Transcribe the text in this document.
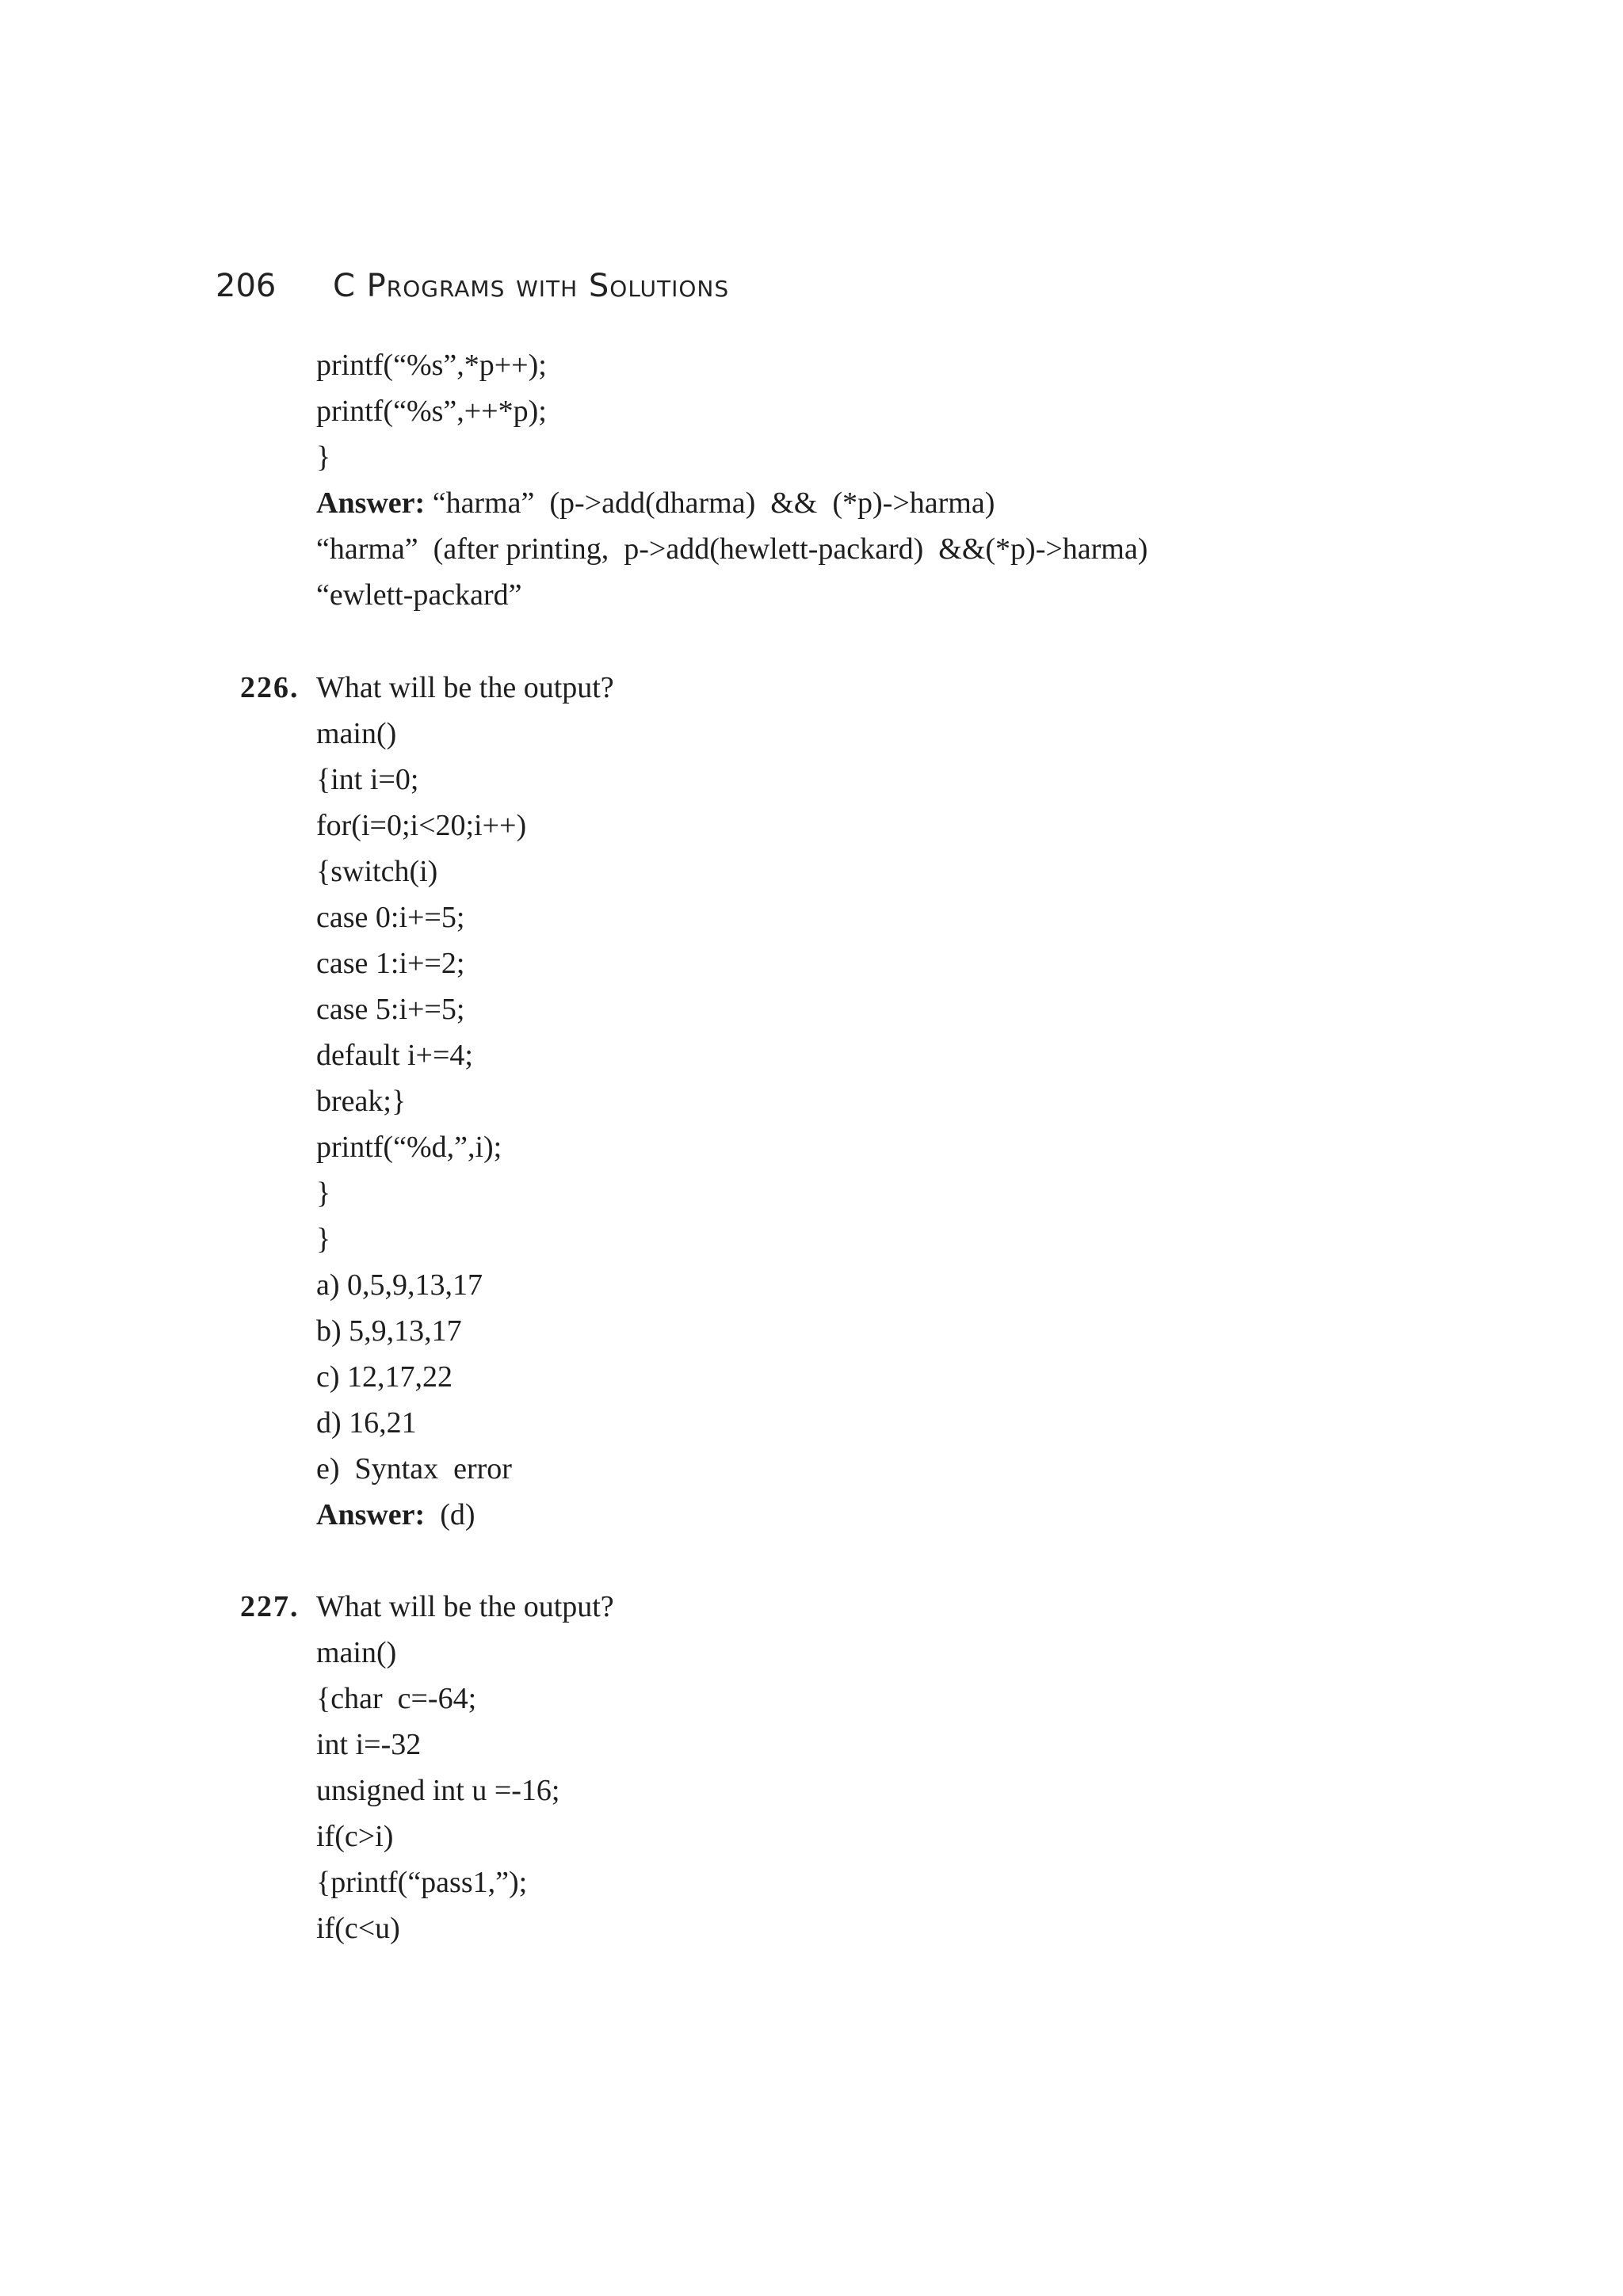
206	C Programs with Solutions
printf(“%s”,*p++);
printf(“%s”,++*p);
}
Answer: “harma”  (p->add(dharma)  &&  (*p)->harma)
“harma”  (after printing,  p->add(hewlett-packard)  &&(*p)->harma)
“ewlett-packard”
226. What will be the output?
main()
{int i=0;
for(i=0;i<20;i++)
{switch(i)
case 0:i+=5;
case 1:i+=2;
case 5:i+=5;
default i+=4;
break;}
printf(“%d,”,i);
}
}
a) 0,5,9,13,17
b) 5,9,13,17
c) 12,17,22
d) 16,21
e)  Syntax  error
Answer:  (d)
227. What will be the output?
main()
{char  c=-64;
int i=-32
unsigned int u =-16;
if(c>i)
{printf(“pass1,”);
if(c<u)
